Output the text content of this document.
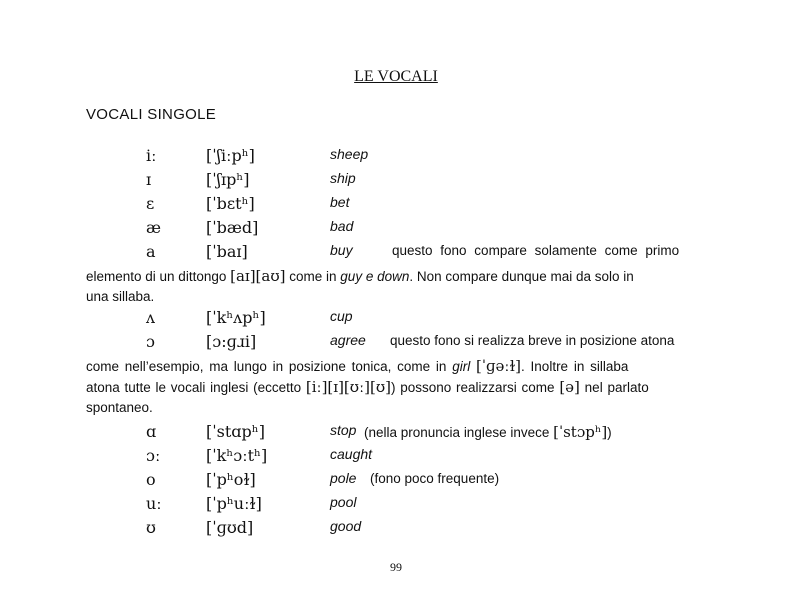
LE VOCALI
VOCALI SINGOLE
iː	[ˈʃiːpʰ]	sheep
ɪ	[ˈʃɪpʰ]	ship
ɛ	[ˈbɛtʰ]	bet
æ	[ˈbæd]	bad
a	[ˈbaɪ]	buy	questo fono compare solamente come primo
elemento di un dittongo [aɪ][aʊ] come in guy e down. Non compare dunque mai da solo in
una sillaba.
ʌ	[ˈkʰʌpʰ]	cup
ɔ	[ɔ:ɡɹi]	agree questo fono si realizza breve in posizione atona
come nell’esempio, ma lungo in posizione tonica, come in girl [ˈɡəːɫ]. Inoltre in sillaba
atona tutte le vocali inglesi (eccetto [iː][ɪ][ʊː][ʊ]) possono realizzarsi come [ə] nel parlato
spontaneo.
ɑ	[ˈstɑpʰ]	stop (nella pronuncia inglese invece [ˈstɔpʰ])
ɔː	[ˈkʰɔːtʰ]	caught
o	[ˈpʰoɫ]	pole (fono poco frequente)
uː	[ˈpʰuːɫ]	pool
ʊ	[ˈɡʊd]	good
99
